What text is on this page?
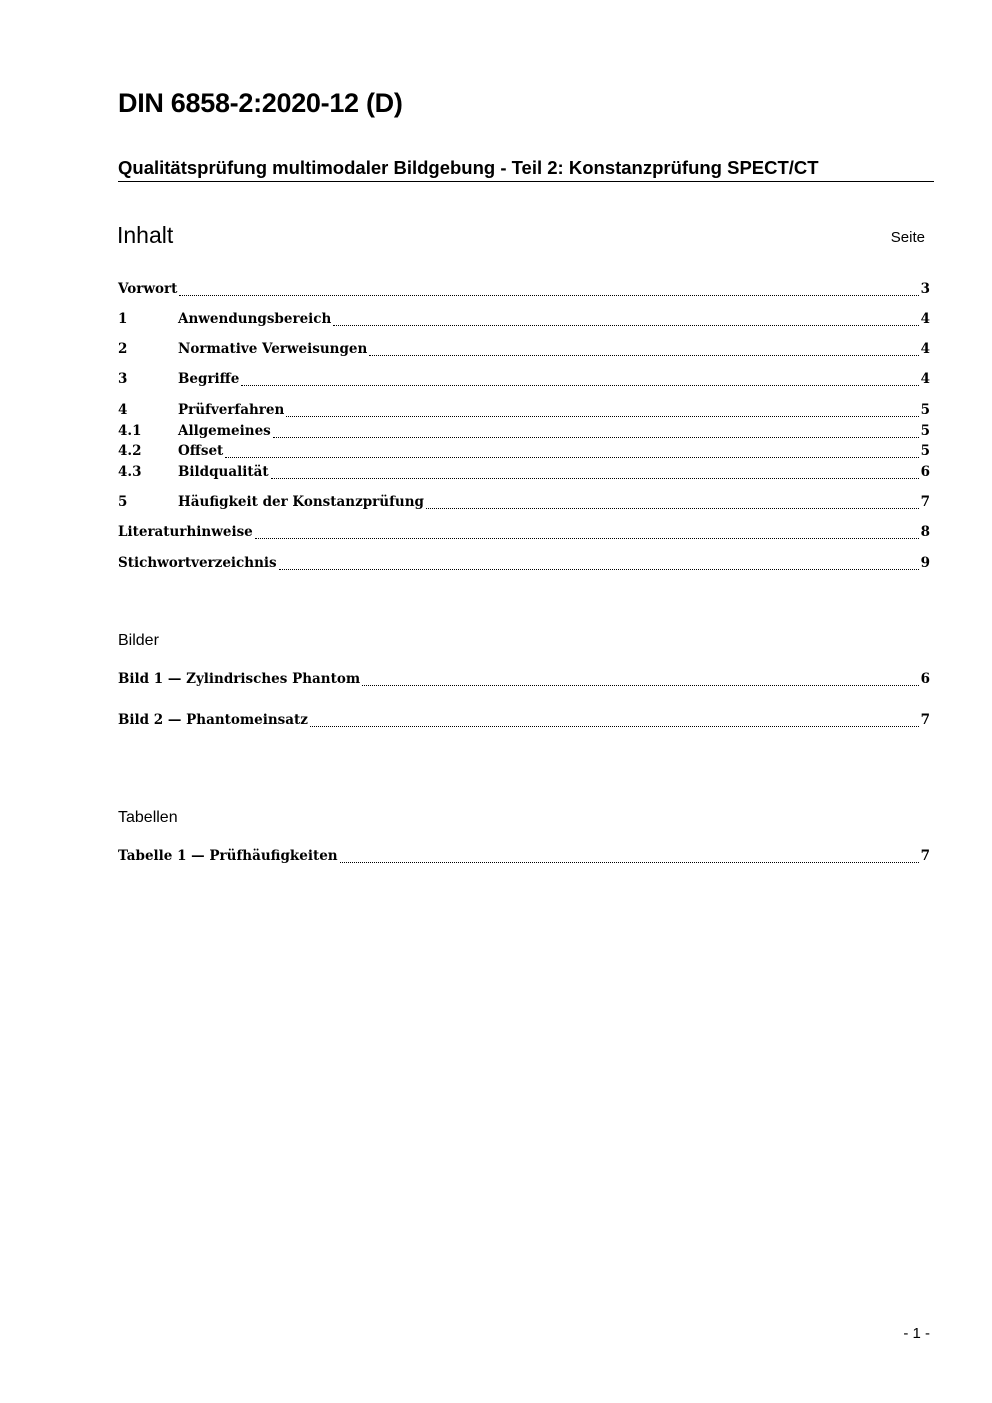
DIN 6858-2:2020-12 (D)
Qualitätsprüfung multimodaler Bildgebung - Teil 2: Konstanzprüfung SPECT/CT
Inhalt	Seite
Vorwort	3
1	Anwendungsbereich	4
2	Normative Verweisungen	4
3	Begriffe	4
4	Prüfverfahren	5
4.1	Allgemeines	5
4.2	Offset	5
4.3	Bildqualität	6
5	Häufigkeit der Konstanzprüfung	7
Literaturhinweise	8
Stichwortverzeichnis	9
Bilder
Bild 1 — Zylindrisches Phantom	6
Bild 2 — Phantomeinsatz	7
Tabellen
Tabelle 1 — Prüfhäufigkeiten	7
- 1 -
